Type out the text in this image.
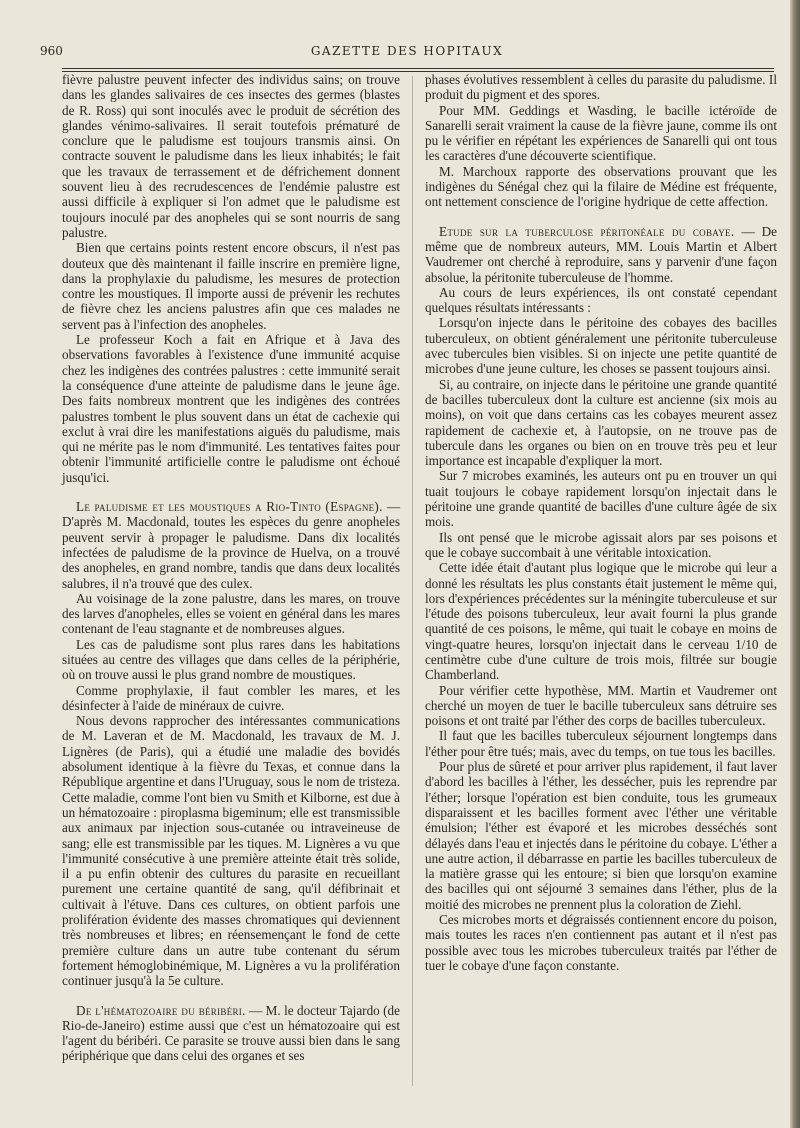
960	GAZETTE DES HOPITAUX

fièvre palustre peuvent infecter des individus sains; on trouve dans les glandes salivaires de ces insectes des germes (blastes de R. Ross) qui sont inoculés avec le produit de sécrétion des glandes vénimo-salivaires. Il serait toutefois prématuré de conclure que le paludisme est toujours transmis ainsi. On contracte souvent le paludisme dans les lieux inhabités; le fait que les travaux de terrassement et de défrichement donnent souvent lieu à des recrudescences de l'endémie palustre est aussi difficile à expliquer si l'on admet que le paludisme est toujours inoculé par des anopheles qui se sont nourris de sang palustre.

Bien que certains points restent encore obscurs, il n'est pas douteux que dès maintenant il faille inscrire en première ligne, dans la prophylaxie du paludisme, les mesures de protection contre les moustiques. Il importe aussi de prévenir les rechutes de fièvre chez les anciens palustres afin que ces malades ne servent pas à l'infection des anopheles.

Le professeur Koch a fait en Afrique et à Java des observations favorables à l'existence d'une immunité acquise chez les indigènes des contrées palustres : cette immunité serait la conséquence d'une atteinte de paludisme dans le jeune âge. Des faits nombreux montrent que les indigènes des contrées palustres tombent le plus souvent dans un état de cachexie qui exclut à vrai dire les manifestations aiguës du paludisme, mais qui ne mérite pas le nom d'immunité. Les tentatives faites pour obtenir l'immunité artificielle contre le paludisme ont échoué jusqu'ici.

Le paludisme et les moustiques a Rio-Tinto (Espagne). — D'après M. Macdonald, toutes les espèces du genre anopheles peuvent servir à propager le paludisme. Dans dix localités infectées de paludisme de la province de Huelva, on a trouvé des anopheles, en grand nombre, tandis que dans deux localités salubres, il n'a trouvé que des culex.

Au voisinage de la zone palustre, dans les mares, on trouve des larves d'anopheles, elles se voient en général dans les mares contenant de l'eau stagnante et de nombreuses algues.

Les cas de paludisme sont plus rares dans les habitations situées au centre des villages que dans celles de la périphérie, où on trouve aussi le plus grand nombre de moustiques.

Comme prophylaxie, il faut combler les mares, et les désinfecter à l'aide de minéraux de cuivre.

Nous devons rapprocher des intéressantes communications de M. Laveran et de M. Macdonald, les travaux de M. J. Lignères (de Paris), qui a étudié une maladie des bovidés absolument identique à la fièvre du Texas, et connue dans la République argentine et dans l'Uruguay, sous le nom de tristeza. Cette maladie, comme l'ont bien vu Smith et Kilborne, est due à un hématozoaire : piroplasma bigeminum; elle est transmissible aux animaux par injection sous-cutanée ou intraveineuse de sang; elle est transmissible par les tiques. M. Lignères a vu que l'immunité consécutive à une première atteinte était très solide, il a pu enfin obtenir des cultures du parasite en recueillant purement une certaine quantité de sang, qu'il défibrinait et cultivait à l'étuve. Dans ces cultures, on obtient parfois une prolifération évidente des masses chromatiques qui deviennent très nombreuses et libres; en réensemençant le fond de cette première culture dans un autre tube contenant du sérum fortement hémoglobinémique, M. Lignères a vu la prolifération continuer jusqu'à la 5e culture.

De l'hématozoaire du béribéri. — M. le docteur Tajardo (de Rio-de-Janeiro) estime aussi que c'est un hématozoaire qui est l'agent du béribéri. Ce parasite se trouve aussi bien dans le sang périphérique que dans celui des organes et ses

phases évolutives ressemblent à celles du parasite du paludisme. Il produit du pigment et des spores.

Pour MM. Geddings et Wasding, le bacille ictéroïde de Sanarelli serait vraiment la cause de la fièvre jaune, comme ils ont pu le vérifier en répétant les expériences de Sanarelli qui ont tous les caractères d'une découverte scientifique.

M. Marchoux rapporte des observations prouvant que les indigènes du Sénégal chez qui la filaire de Médine est fréquente, ont nettement conscience de l'origine hydrique de cette affection.

Etude sur la tuberculose péritonéale du cobaye. — De même que de nombreux auteurs, MM. Louis Martin et Albert Vaudremer ont cherché à reproduire, sans y parvenir d'une façon absolue, la péritonite tuberculeuse de l'homme.

Au cours de leurs expériences, ils ont constaté cependant quelques résultats intéressants :

Lorsqu'on injecte dans le péritoine des cobayes des bacilles tuberculeux, on obtient généralement une péritonite tuberculeuse avec tubercules bien visibles. Si on injecte une petite quantité de microbes d'une jeune culture, les choses se passent toujours ainsi.

Si, au contraire, on injecte dans le péritoine une grande quantité de bacilles tuberculeux dont la culture est ancienne (six mois au moins), on voit que dans certains cas les cobayes meurent assez rapidement de cachexie et, à l'autopsie, on ne trouve pas de tubercule dans les organes ou bien on en trouve très peu et leur importance est incapable d'expliquer la mort.

Sur 7 microbes examinés, les auteurs ont pu en trouver un qui tuait toujours le cobaye rapidement lorsqu'on injectait dans le péritoine une grande quantité de bacilles d'une culture âgée de six mois.

Ils ont pensé que le microbe agissait alors par ses poisons et que le cobaye succombait à une véritable intoxication.

Cette idée était d'autant plus logique que le microbe qui leur a donné les résultats les plus constants était justement le même qui, lors d'expériences précédentes sur la méningite tuberculeuse et sur l'étude des poisons tuberculeux, leur avait fourni la plus grande quantité de ces poisons, le même, qui tuait le cobaye en moins de vingt-quatre heures, lorsqu'on injectait dans le cerveau 1/10 de centimètre cube d'une culture de trois mois, filtrée sur bougie Chamberland.

Pour vérifier cette hypothèse, MM. Martin et Vaudremer ont cherché un moyen de tuer le bacille tuberculeux sans détruire ses poisons et ont traité par l'éther des corps de bacilles tuberculeux.

Il faut que les bacilles tuberculeux séjournent longtemps dans l'éther pour être tués; mais, avec du temps, on tue tous les bacilles.

Pour plus de sûreté et pour arriver plus rapidement, il faut laver d'abord les bacilles à l'éther, les dessécher, puis les reprendre par l'éther; lorsque l'opération est bien conduite, tous les grumeaux disparaissent et les bacilles forment avec l'éther une véritable émulsion; l'éther est évaporé et les microbes desséchés sont délayés dans l'eau et injectés dans le péritoine du cobaye. L'éther a une autre action, il débarrasse en partie les bacilles tuberculeux de la matière grasse qui les entoure; si bien que lorsqu'on examine des bacilles qui ont séjourné 3 semaines dans l'éther, plus de la moitié des microbes ne prennent plus la coloration de Ziehl.

Ces microbes morts et dégraissés contiennent encore du poison, mais toutes les races n'en contiennent pas autant et il n'est pas possible avec tous les microbes tuberculeux traités par l'éther de tuer le cobaye d'une façon constante.
